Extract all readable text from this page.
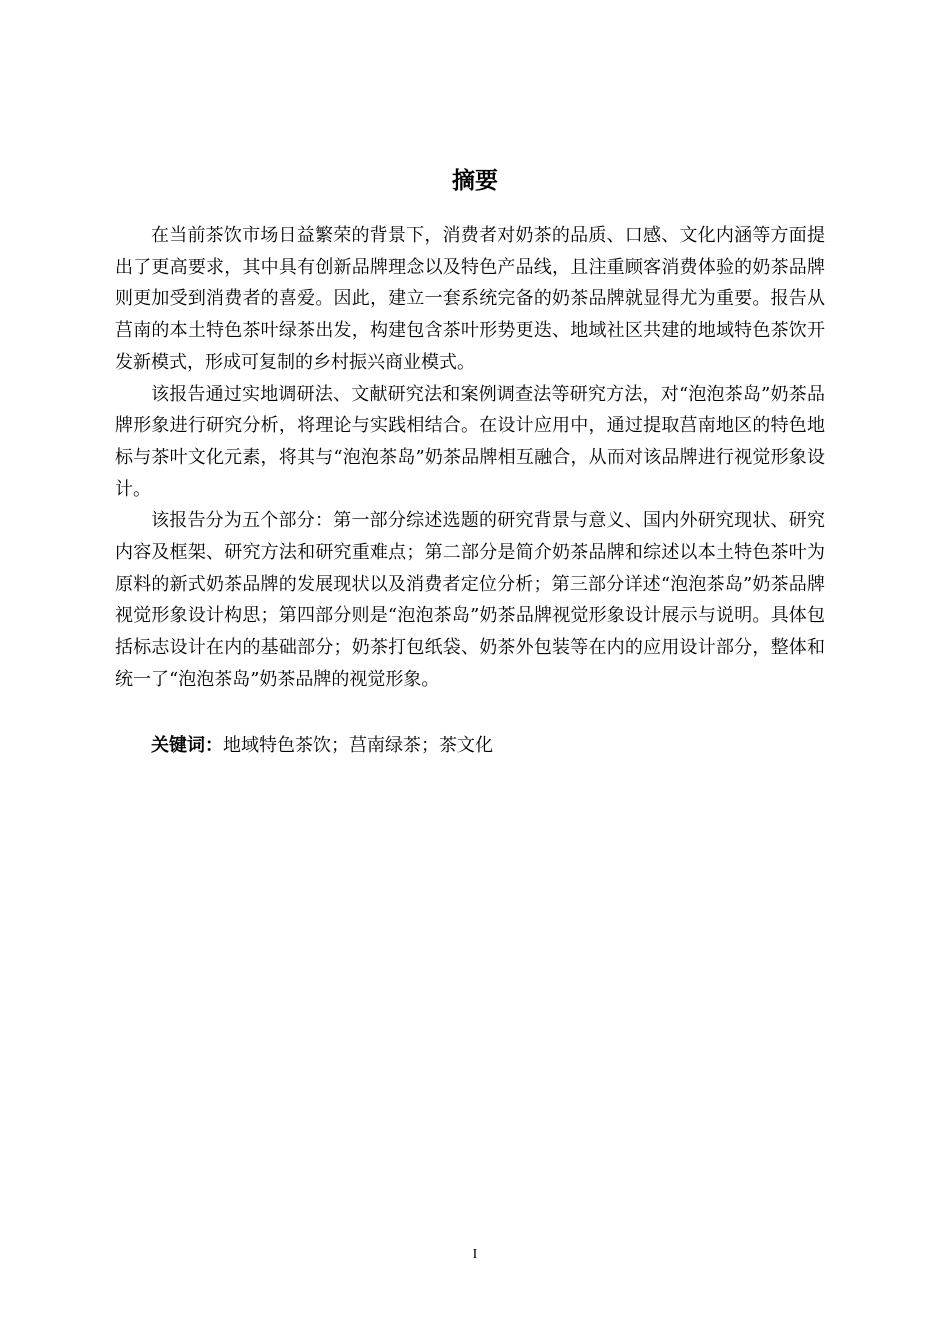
摘要

在当前茶饮市场日益繁荣的背景下，消费者对奶茶的品质、口感、文化内涵等方面提出了更高要求，其中具有创新品牌理念以及特色产品线，且注重顾客消费体验的奶茶品牌则更加受到消费者的喜爱。因此，建立一套系统完备的奶茶品牌就显得尤为重要。报告从莒南的本土特色茶叶绿茶出发，构建包含茶叶形势更迭、地域社区共建的地域特色茶饮开发新模式，形成可复制的乡村振兴商业模式。

该报告通过实地调研法、文献研究法和案例调查法等研究方法，对“泡泡茶岛”奶茶品牌形象进行研究分析，将理论与实践相结合。在设计应用中，通过提取莒南地区的特色地标与茶叶文化元素，将其与“泡泡茶岛”奶茶品牌相互融合，从而对该品牌进行视觉形象设计。

该报告分为五个部分：第一部分综述选题的研究背景与意义、国内外研究现状、研究内容及框架、研究方法和研究重难点；第二部分是简介奶茶品牌和综述以本土特色茶叶为原料的新式奶茶品牌的发展现状以及消费者定位分析；第三部分详述“泡泡茶岛”奶茶品牌视觉形象设计构思；第四部分则是“泡泡茶岛”奶茶品牌视觉形象设计展示与说明。具体包括标志设计在内的基础部分；奶茶打包纸袋、奶茶外包装等在内的应用设计部分，整体和统一了“泡泡茶岛”奶茶品牌的视觉形象。

关键词：地域特色茶饮；莒南绿茶；茶文化

I
